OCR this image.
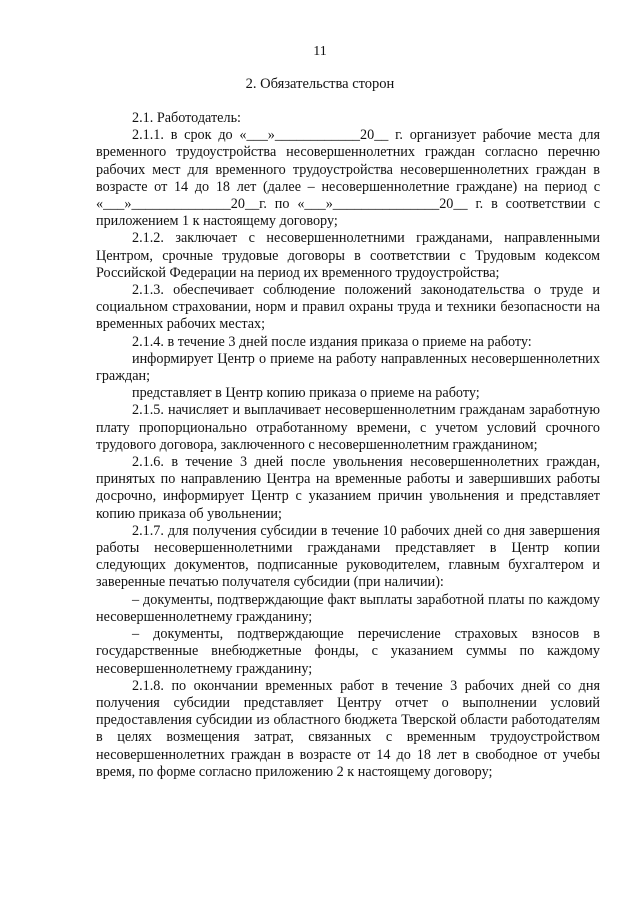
11
2. Обязательства сторон

2.1. Работодатель:

2.1.1. в срок до «___»____________20__ г. организует рабочие места для временного трудоустройства несовершеннолетних граждан согласно перечню рабочих мест для временного трудоустройства несовершеннолетних граждан в возрасте от 14 до 18 лет (далее – несовершеннолетние граждане) на период с «___»______________20__г. по «___»_______________20__ г. в соответствии с приложением 1 к настоящему договору;

2.1.2. заключает с несовершеннолетними гражданами, направленными Центром, срочные трудовые договоры в соответствии с Трудовым кодексом Российской Федерации на период их временного трудоустройства;

2.1.3. обеспечивает соблюдение положений законодательства о труде и социальном страховании, норм и правил охраны труда и техники безопасности на временных рабочих местах;

2.1.4. в течение 3 дней после издания приказа о приеме на работу:

информирует Центр о приеме на работу направленных несовершеннолетних граждан;

представляет в Центр копию приказа о приеме на работу;

2.1.5. начисляет и выплачивает несовершеннолетним гражданам заработную плату пропорционально отработанному времени, с учетом условий срочного трудового договора, заключенного с несовершеннолетним гражданином;

2.1.6. в течение 3 дней после увольнения несовершеннолетних граждан, принятых по направлению Центра на временные работы и завершивших работы досрочно, информирует Центр с указанием причин увольнения и представляет копию приказа об увольнении;

2.1.7. для получения субсидии в течение 10 рабочих дней со дня завершения работы несовершеннолетними гражданами представляет в Центр копии следующих документов, подписанные руководителем, главным бухгалтером и заверенные печатью получателя субсидии (при наличии):

– документы, подтверждающие факт выплаты заработной платы по каждому несовершеннолетнему гражданину;

– документы, подтверждающие перечисление страховых взносов в государственные внебюджетные фонды, с указанием суммы по каждому несовершеннолетнему гражданину;

2.1.8. по окончании временных работ в течение 3 рабочих дней со дня получения субсидии представляет Центру отчет о выполнении условий предоставления субсидии из областного бюджета Тверской области работодателям в целях возмещения затрат, связанных с временным трудоустройством несовершеннолетних граждан в возрасте от 14 до 18 лет в свободное от учебы время, по форме согласно приложению 2 к настоящему договору;
